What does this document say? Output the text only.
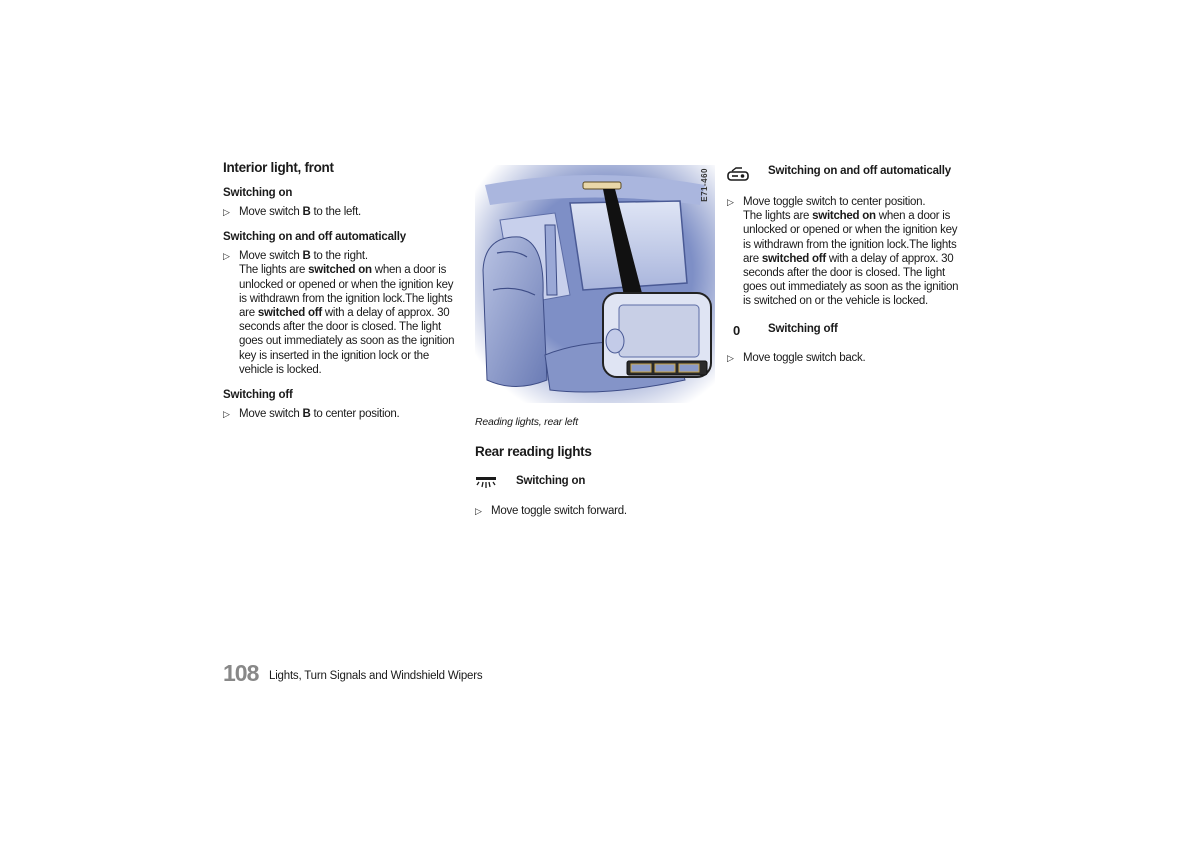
Interior light, front
Switching on
▷ Move switch B to the left.
Switching on and off automatically
▷ Move switch B to the right.
The lights are switched on when a door is unlocked or opened or when the ignition key is withdrawn from the ignition lock.The lights are switched off with a delay of approx. 30 seconds after the door is closed. The light goes out immediately as soon as the ignition key is inserted in the ignition lock or the vehicle is locked.
Switching off
▷ Move switch B to center position.
E71-460
Reading lights, rear left
Rear reading lights
Switching on
▷ Move toggle switch forward.
Switching on and off automatically
▷ Move toggle switch to center position.
The lights are switched on when a door is unlocked or opened or when the ignition key is withdrawn from the ignition lock.The lights are switched off with a delay of approx. 30 seconds after the door is closed. The light goes out immediately as soon as the ignition is switched on or the vehicle is locked.
0 Switching off
▷ Move toggle switch back.
108 Lights, Turn Signals and Windshield Wipers
